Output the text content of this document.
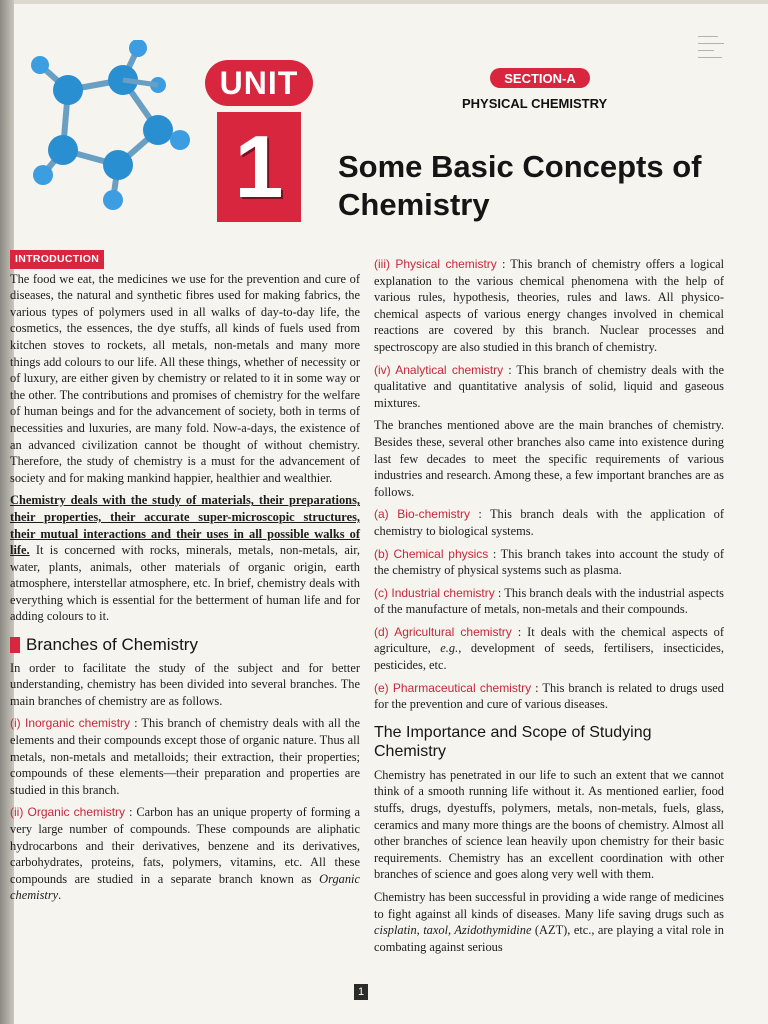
UNIT
1
SECTION-A
PHYSICAL CHEMISTRY
Some Basic Concepts of Chemistry
INTRODUCTION

The food we eat, the medicines we use for the prevention and cure of diseases, the natural and synthetic fibres used for making fabrics, the various types of polymers used in all walks of day-to-day life, the cosmetics, the essences, the dye stuffs, all kinds of fuels used from kitchen stoves to rockets, all metals, non-metals and many more things add colours to our life. All these things, whether of necessity or of luxury, are either given by chemistry or related to it in some way or the other. The contributions and promises of chemistry for the welfare of human beings and for the advancement of society, both in terms of necessities and luxuries, are many fold. Now-a-days, the existence of an advanced civilization cannot be thought of without chemistry. Therefore, the study of chemistry is a must for the advancement of society and for making mankind happier, healthier and wealthier.

Chemistry deals with the study of materials, their preparations, their properties, their accurate super-microscopic structures, their mutual interactions and their uses in all possible walks of life. It is concerned with rocks, minerals, metals, non-metals, air, water, plants, animals, other materials of organic origin, earth atmosphere, interstellar atmosphere, etc. In brief, chemistry deals with everything which is essential for the betterment of human life and for adding colours to it.

Branches of Chemistry

In order to facilitate the study of the subject and for better understanding, chemistry has been divided into several branches. The main branches of chemistry are as follows.

(i) Inorganic chemistry : This branch of chemistry deals with all the elements and their compounds except those of organic nature. Thus all metals, non-metals and metalloids; their extraction, their properties; compounds of these elements—their preparation and properties are studied in this branch.

(ii) Organic chemistry : Carbon has an unique property of forming a very large number of compounds. These compounds are aliphatic hydrocarbons and their derivatives, benzene and its derivatives, carbohydrates, proteins, fats, polymers, vitamins, etc. All these compounds are studied in a separate branch known as Organic chemistry.

(iii) Physical chemistry : This branch of chemistry offers a logical explanation to the various chemical phenomena with the help of various rules, hypothesis, theories, rules and laws. All physico-chemical aspects of various energy changes involved in chemical reactions are covered by this branch. Nuclear processes and spectroscopy are also studied in this branch of chemistry.

(iv) Analytical chemistry : This branch of chemistry deals with the qualitative and quantitative analysis of solid, liquid and gaseous mixtures.

The branches mentioned above are the main branches of chemistry. Besides these, several other branches also came into existence during last few decades to meet the specific requirements of various industries and research. Among these, a few important branches are as follows.

(a) Bio-chemistry : This branch deals with the application of chemistry to biological systems.

(b) Chemical physics : This branch takes into account the study of the chemistry of physical systems such as plasma.

(c) Industrial chemistry : This branch deals with the industrial aspects of the manufacture of metals, non-metals and their compounds.

(d) Agricultural chemistry : It deals with the chemical aspects of agriculture, e.g., development of seeds, fertilisers, insecticides, pesticides, etc.

(e) Pharmaceutical chemistry : This branch is related to drugs used for the prevention and cure of various diseases.

The Importance and Scope of Studying Chemistry

Chemistry has penetrated in our life to such an extent that we cannot think of a smooth running life without it. As mentioned earlier, food stuffs, drugs, dyestuffs, polymers, metals, non-metals, fuels, glass, ceramics and many more things are the boons of chemistry. Almost all other branches of science lean heavily upon chemistry for their basic requirements. Chemistry has an excellent coordination with other branches of science and goes along very well with them.

Chemistry has been successful in providing a wide range of medicines to fight against all kinds of diseases. Many life saving drugs such as cisplatin, taxol, Azidothymidine (AZT), etc., are playing a vital role in combating against serious

1
